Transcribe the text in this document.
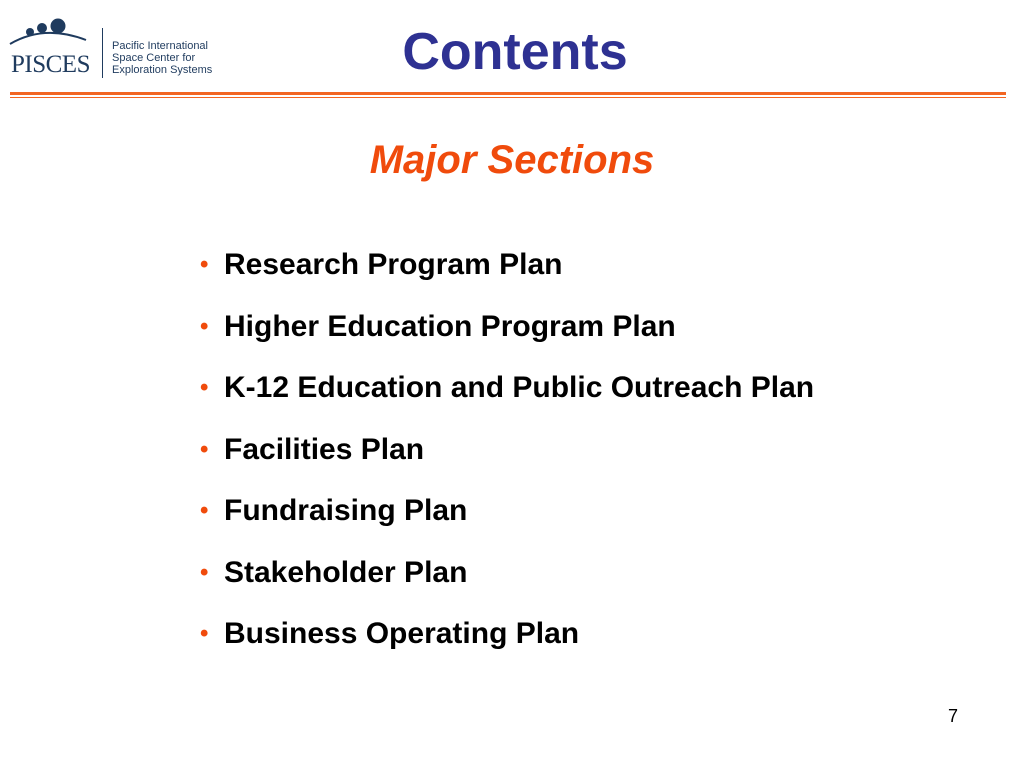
PISCES
Pacific International
Space Center for
Exploration Systems	Contents
Major Sections
• Research Program Plan
• Higher Education Program Plan
• K-12 Education and Public Outreach Plan
• Facilities Plan
• Fundraising Plan
• Stakeholder Plan
• Business Operating Plan
7
